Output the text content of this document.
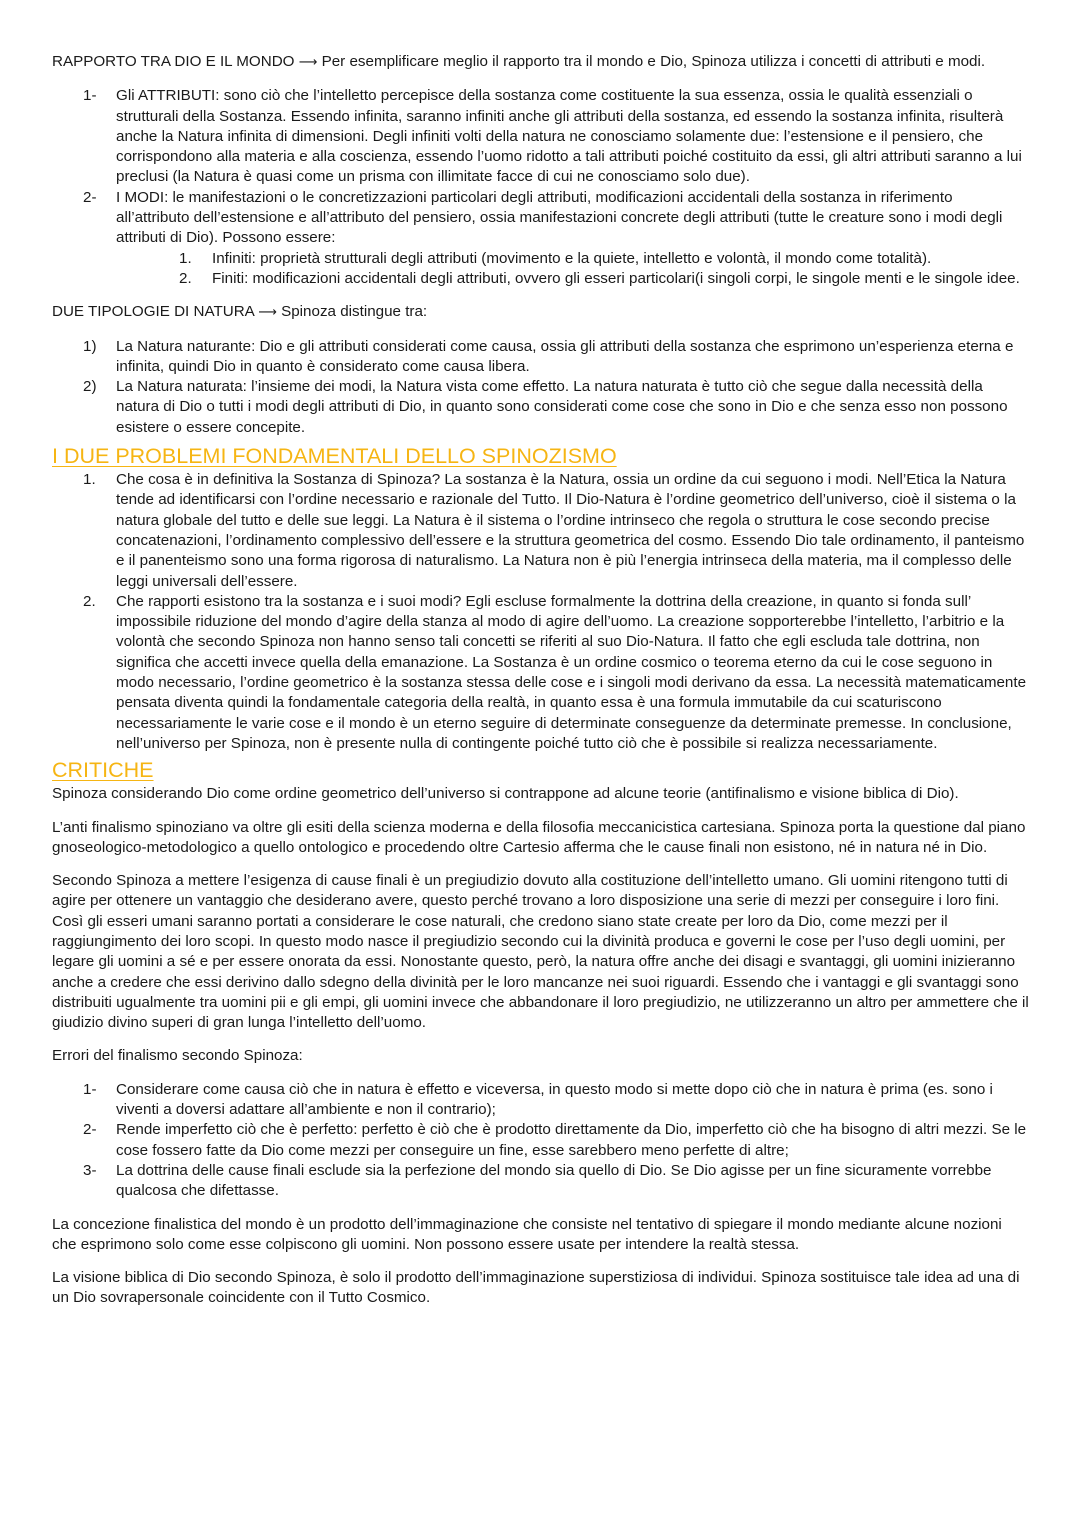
RAPPORTO TRA DIO E IL MONDO ⟶ Per esemplificare meglio il rapporto tra il mondo e Dio, Spinoza utilizza i concetti di attributi e modi.

1- Gli ATTRIBUTI: sono ciò che l’intelletto percepisce della sostanza come costituente la sua essenza, ossia le qualità essenziali o strutturali della Sostanza. Essendo infinita, saranno infiniti anche gli attributi della sostanza, ed essendo la sostanza infinita, risulterà anche la Natura infinita di dimensioni. Degli infiniti volti della natura ne conosciamo solamente due: l’estensione e il pensiero, che corrispondono alla materia e alla coscienza, essendo l’uomo ridotto a tali attributi poiché costituito da essi, gli altri attributi saranno a lui preclusi (la Natura è quasi come un prisma con illimitate facce di cui ne conosciamo solo due).
2- I MODI: le manifestazioni o le concretizzazioni particolari degli attributi, modificazioni accidentali della sostanza in riferimento all’attributo dell’estensione e all’attributo del pensiero, ossia manifestazioni concrete degli attributi (tutte le creature sono i modi degli attributi di Dio). Possono essere:
1. Infiniti: proprietà strutturali degli attributi (movimento e la quiete, intelletto e volontà, il mondo come totalità).
2. Finiti: modificazioni accidentali degli attributi, ovvero gli esseri particolari(i singoli corpi, le singole menti e le singole idee.

DUE TIPOLOGIE DI NATURA ⟶ Spinoza distingue tra:

1) La Natura naturante: Dio e gli attributi considerati come causa, ossia gli attributi della sostanza che esprimono un’esperienza eterna e infinita, quindi Dio in quanto è considerato come causa libera.
2) La Natura naturata: l’insieme dei modi, la Natura vista come effetto. La natura naturata è tutto ciò che segue dalla necessità della natura di Dio o tutti i modi degli attributi di Dio, in quanto sono considerati come cose che sono in Dio e che senza esso non possono esistere o essere concepite.
I DUE PROBLEMI FONDAMENTALI DELLO SPINOZISMO
1. Che cosa è in definitiva la Sostanza di Spinoza? La sostanza è la Natura, ossia un ordine da cui seguono i modi. Nell’Etica la Natura tende ad identificarsi con l’ordine necessario e razionale del Tutto. Il Dio-Natura è l’ordine geometrico dell’universo, cioè il sistema o la natura globale del tutto e delle sue leggi. La Natura è il sistema o l’ordine intrinseco che regola o struttura le cose secondo precise concatenazioni, l’ordinamento complessivo dell’essere e la struttura geometrica del cosmo. Essendo Dio tale ordinamento, il panteismo e il panenteismo sono una forma rigorosa di naturalismo. La Natura non è più l’energia intrinseca della materia, ma il complesso delle leggi universali dell’essere.
2. Che rapporti esistono tra la sostanza e i suoi modi? Egli escluse formalmente la dottrina della creazione, in quanto si fonda sull’ impossibile riduzione del mondo d’agire della stanza al modo di agire dell’uomo. La creazione sopporterebbe l’intelletto, l’arbitrio e la volontà che secondo Spinoza non hanno senso tali concetti se riferiti al suo Dio-Natura. Il fatto che egli escluda tale dottrina, non significa che accetti invece quella della emanazione. La Sostanza è un ordine cosmico o teorema eterno da cui le cose seguono in modo necessario, l’ordine geometrico è la sostanza stessa delle cose e i singoli modi derivano da essa. La necessità matematicamente pensata diventa quindi la fondamentale categoria della realtà, in quanto essa è una formula immutabile da cui scaturiscono necessariamente le varie cose e il mondo è un eterno seguire di determinate conseguenze da determinate premesse. In conclusione, nell’universo per Spinoza, non è presente nulla di contingente poiché tutto ciò che è possibile si realizza necessariamente.
CRITICHE

Spinoza considerando Dio come ordine geometrico dell’universo si contrappone ad alcune teorie (antifinalismo e visione biblica di Dio).

L’anti finalismo spinoziano va oltre gli esiti della scienza moderna e della filosofia meccanicistica cartesiana. Spinoza porta la questione dal piano gnoseologico-metodologico a quello ontologico e procedendo oltre Cartesio afferma che le cause finali non esistono, né in natura né in Dio.

Secondo Spinoza a mettere l’esigenza di cause finali è un pregiudizio dovuto alla costituzione dell’intelletto umano. Gli uomini ritengono tutti di agire per ottenere un vantaggio che desiderano avere, questo perché trovano a loro disposizione una serie di mezzi per conseguire i loro fini. Così gli esseri umani saranno portati a considerare le cose naturali, che credono siano state create per loro da Dio, come mezzi per il raggiungimento dei loro scopi. In questo modo nasce il pregiudizio secondo cui la divinità produca e governi le cose per l’uso degli uomini, per legare gli uomini a sé e per essere onorata da essi. Nonostante questo, però, la natura offre anche dei disagi e svantaggi, gli uomini inizieranno anche a credere che essi derivino dallo sdegno della divinità per le loro mancanze nei suoi riguardi. Essendo che i vantaggi e gli svantaggi sono distribuiti ugualmente tra uomini pii e gli empi, gli uomini invece che abbandonare il loro pregiudizio, ne utilizzeranno un altro per ammettere che il giudizio divino superi di gran lunga l’intelletto dell’uomo.

Errori del finalismo secondo Spinoza:

1- Considerare come causa ciò che in natura è effetto e viceversa, in questo modo si mette dopo ciò che in natura è prima (es. sono i viventi a doversi adattare all’ambiente e non il contrario);
2- Rende imperfetto ciò che è perfetto: perfetto è ciò che è prodotto direttamente da Dio, imperfetto ciò che ha bisogno di altri mezzi. Se le cose fossero fatte da Dio come mezzi per conseguire un fine, esse sarebbero meno perfette di altre;
3- La dottrina delle cause finali esclude sia la perfezione del mondo sia quello di Dio. Se Dio agisse per un fine sicuramente vorrebbe qualcosa che difettasse.

La concezione finalistica del mondo è un prodotto dell’immaginazione che consiste nel tentativo di spiegare il mondo mediante alcune nozioni che esprimono solo come esse colpiscono gli uomini. Non possono essere usate per intendere la realtà stessa.

La visione biblica di Dio secondo Spinoza, è solo il prodotto dell’immaginazione superstiziosa di individui. Spinoza sostituisce tale idea ad una di un Dio sovrapersonale coincidente con il Tutto Cosmico.
